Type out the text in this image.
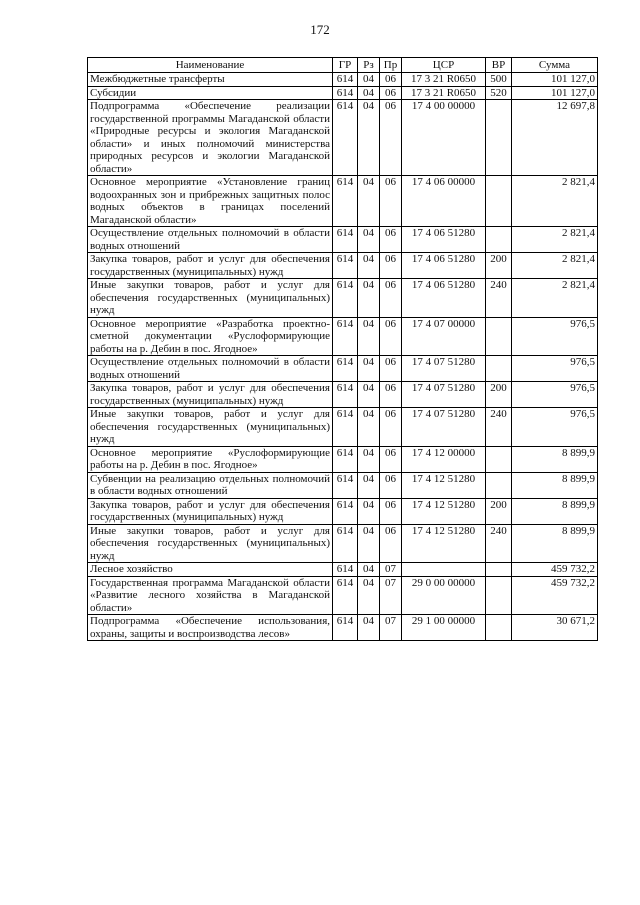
172
Наименование	ГР	Рз	Пр	ЦСР	ВР	Сумма
Межбюджетные трансферты	614	04	06	17 3 21 R0650	500	101 127,0
Субсидии	614	04	06	17 3 21 R0650	520	101 127,0
Подпрограмма «Обеспечение реализации государственной программы Магаданской области «Природные ресурсы и экология Магаданской области» и иных полномочий министерства природных ресурсов и экологии Магаданской области»	614	04	06	17 4 00 00000		12 697,8
Основное мероприятие «Установление границ водоохранных зон и прибрежных защитных полос водных объектов в границах поселений Магаданской области»	614	04	06	17 4 06 00000		2 821,4
Осуществление отдельных полномочий в области водных отношений	614	04	06	17 4 06 51280		2 821,4
Закупка товаров, работ и услуг для обеспечения государственных (муниципальных) нужд	614	04	06	17 4 06 51280	200	2 821,4
Иные закупки товаров, работ и услуг для обеспечения государственных (муниципальных) нужд	614	04	06	17 4 06 51280	240	2 821,4
Основное мероприятие «Разработка проектно-сметной документации «Руслоформирующие работы на р. Дебин в пос. Ягодное»	614	04	06	17 4 07 00000		976,5
Осуществление отдельных полномочий в области водных отношений	614	04	06	17 4 07 51280		976,5
Закупка товаров, работ и услуг для обеспечения государственных (муниципальных) нужд	614	04	06	17 4 07 51280	200	976,5
Иные закупки товаров, работ и услуг для обеспечения государственных (муниципальных) нужд	614	04	06	17 4 07 51280	240	976,5
Основное мероприятие «Руслоформирующие работы на р. Дебин в пос. Ягодное»	614	04	06	17 4 12 00000		8 899,9
Субвенции на реализацию отдельных полномочий в области водных отношений	614	04	06	17 4 12 51280		8 899,9
Закупка товаров, работ и услуг для обеспечения государственных (муниципальных) нужд	614	04	06	17 4 12 51280	200	8 899,9
Иные закупки товаров, работ и услуг для обеспечения государственных (муниципальных) нужд	614	04	06	17 4 12 51280	240	8 899,9
Лесное хозяйство	614	04	07			459 732,2
Государственная программа Магаданской области «Развитие лесного хозяйства в Магаданской области»	614	04	07	29 0 00 00000		459 732,2
Подпрограмма «Обеспечение использования, охраны, защиты и воспроизводства лесов»	614	04	07	29 1 00 00000		30 671,2
